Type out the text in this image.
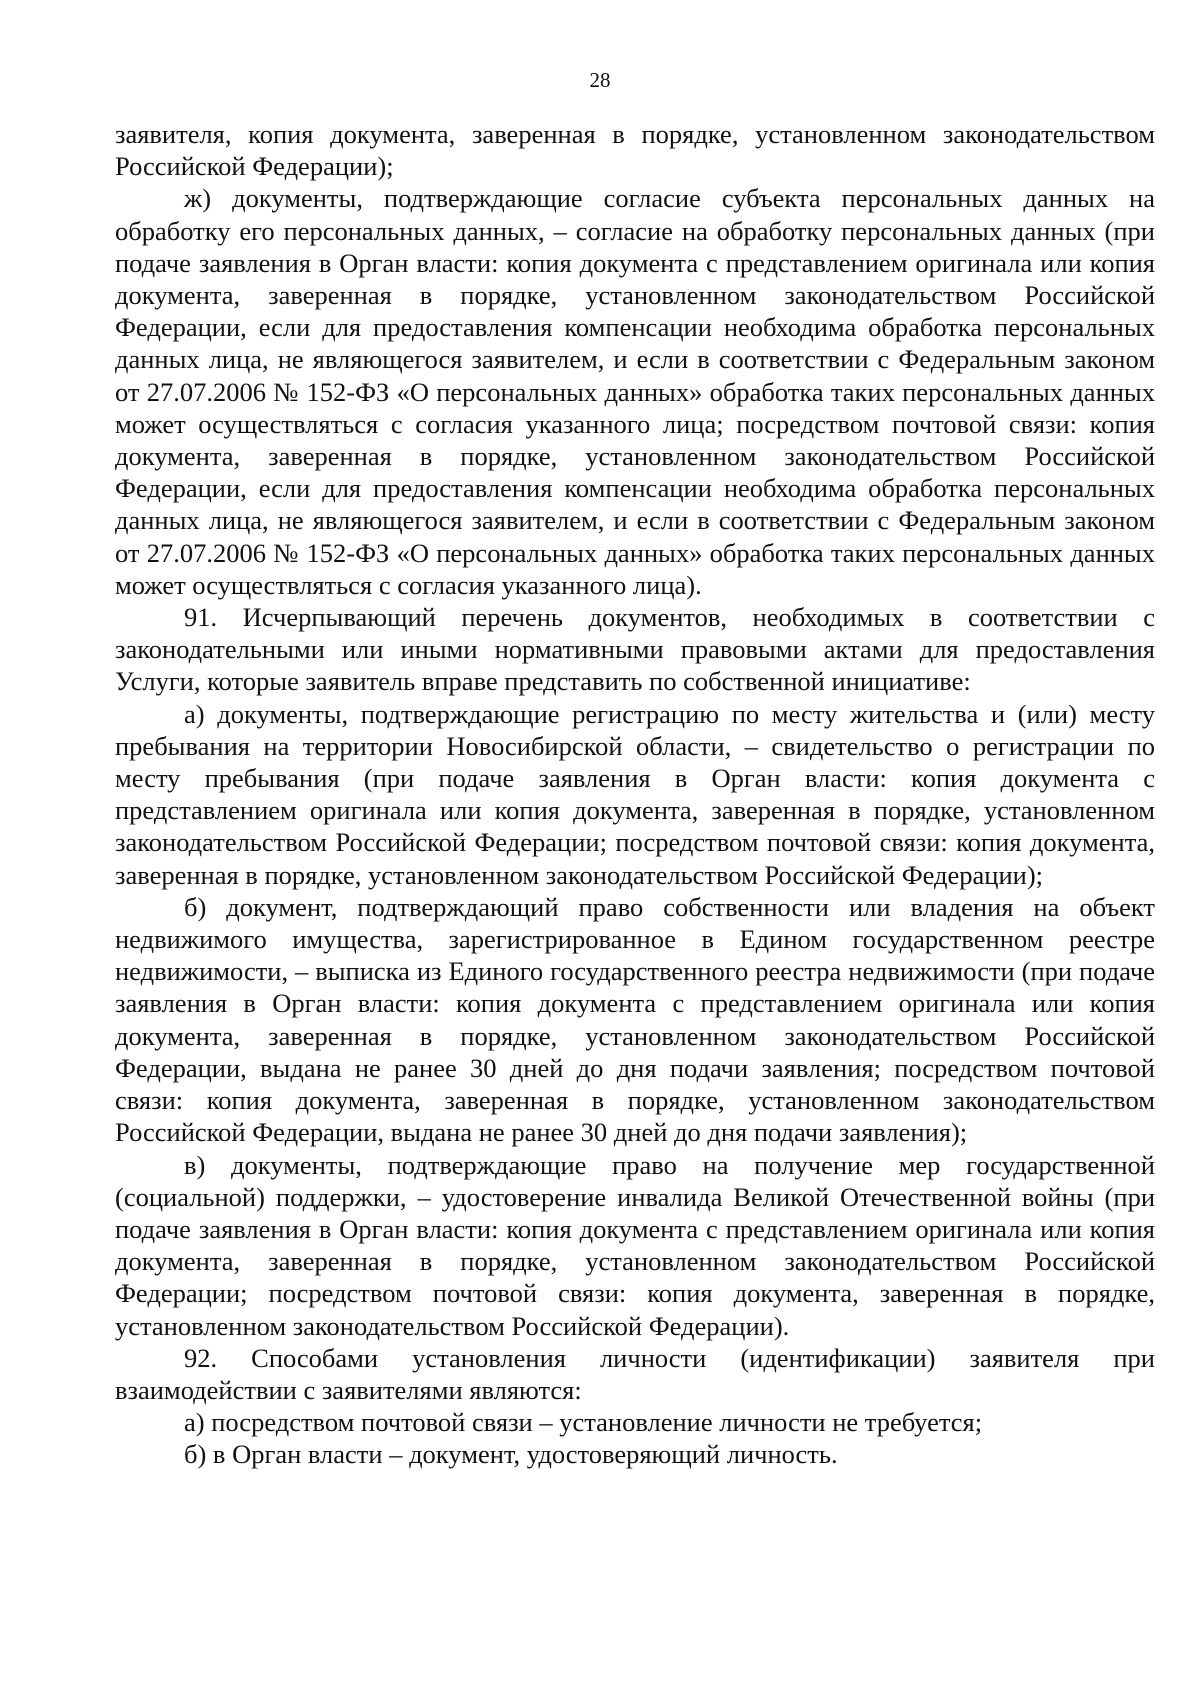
28

заявителя, копия документа, заверенная в порядке, установленном законодательством Российской Федерации);

ж) документы, подтверждающие согласие субъекта персональных данных на обработку его персональных данных, – согласие на обработку персональных данных (при подаче заявления в Орган власти: копия документа с представлением оригинала или копия документа, заверенная в порядке, установленном законодательством Российской Федерации, если для предоставления компенсации необходима обработка персональных данных лица, не являющегося заявителем, и если в соответствии с Федеральным законом от 27.07.2006 № 152-ФЗ «О персональных данных» обработка таких персональных данных может осуществляться с согласия указанного лица; посредством почтовой связи: копия документа, заверенная в порядке, установленном законодательством Российской Федерации, если для предоставления компенсации необходима обработка персональных данных лица, не являющегося заявителем, и если в соответствии с Федеральным законом от 27.07.2006 № 152-ФЗ «О персональных данных» обработка таких персональных данных может осуществляться с согласия указанного лица).

91. Исчерпывающий перечень документов, необходимых в соответствии с законодательными или иными нормативными правовыми актами для предоставления Услуги, которые заявитель вправе представить по собственной инициативе:

а) документы, подтверждающие регистрацию по месту жительства и (или) месту пребывания на территории Новосибирской области, – свидетельство о регистрации по месту пребывания (при подаче заявления в Орган власти: копия документа с представлением оригинала или копия документа, заверенная в порядке, установленном законодательством Российской Федерации; посредством почтовой связи: копия документа, заверенная в порядке, установленном законодательством Российской Федерации);

б) документ, подтверждающий право собственности или владения на объект недвижимого имущества, зарегистрированное в Едином государственном реестре недвижимости, – выписка из Единого государственного реестра недвижимости (при подаче заявления в Орган власти: копия документа с представлением оригинала или копия документа, заверенная в порядке, установленном законодательством Российской Федерации, выдана не ранее 30 дней до дня подачи заявления; посредством почтовой связи: копия документа, заверенная в порядке, установленном законодательством Российской Федерации, выдана не ранее 30 дней до дня подачи заявления);

в) документы, подтверждающие право на получение мер государственной (социальной) поддержки, – удостоверение инвалида Великой Отечественной войны (при подаче заявления в Орган власти: копия документа с представлением оригинала или копия документа, заверенная в порядке, установленном законодательством Российской Федерации; посредством почтовой связи: копия документа, заверенная в порядке, установленном законодательством Российской Федерации).

92. Способами установления личности (идентификации) заявителя при взаимодействии с заявителями являются:

а) посредством почтовой связи – установление личности не требуется;

б) в Орган власти – документ, удостоверяющий личность.
